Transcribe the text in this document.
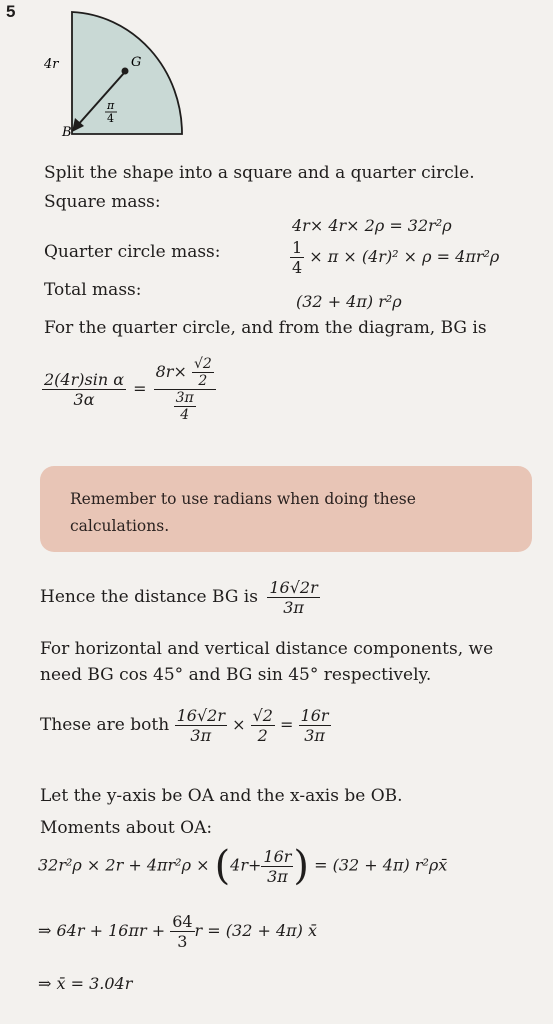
5
4r	G
B
π
4
Split the shape into a square and a quarter circle.
Square mass:
4r× 4r× 2ρ = 32r²ρ
Quarter circle mass:	$\frac{1}{4} \times \pi \times (4r)^2 \times \rho = 4\pi r^2\rho$
Total mass:
(32 + 4π) r²ρ
For the quarter circle, and from the diagram, BG is
$\frac{\text{2(4r)sin α}}{3\alpha} = \frac{8r\times \frac{√2}{2}}{\frac{3\pi}{4}}$
Remember to use radians when doing these calculations.
Hence the distance BG is $\frac{16√2r}{3\pi}$
For horizontal and vertical distance components, we need BG cos 45° and BG sin 45° respectively.
These are both $\frac{16√2r}{3\pi} \times \frac{√2}{2} = \frac{16r}{3\pi}$
Let the y-axis be OA and the x-axis be OB.
Moments about OA:
$32r^2\rho \times 2r + 4\pi r^2\rho \times (4r+ \frac{16r}{3\pi}$ ) = (32 + 4π) r²ρx̄
⇒ $64r + 16\pi r + \frac{64}{3}$ r = (32 + 4π) x̄
⇒ x̄ = 3.04r
